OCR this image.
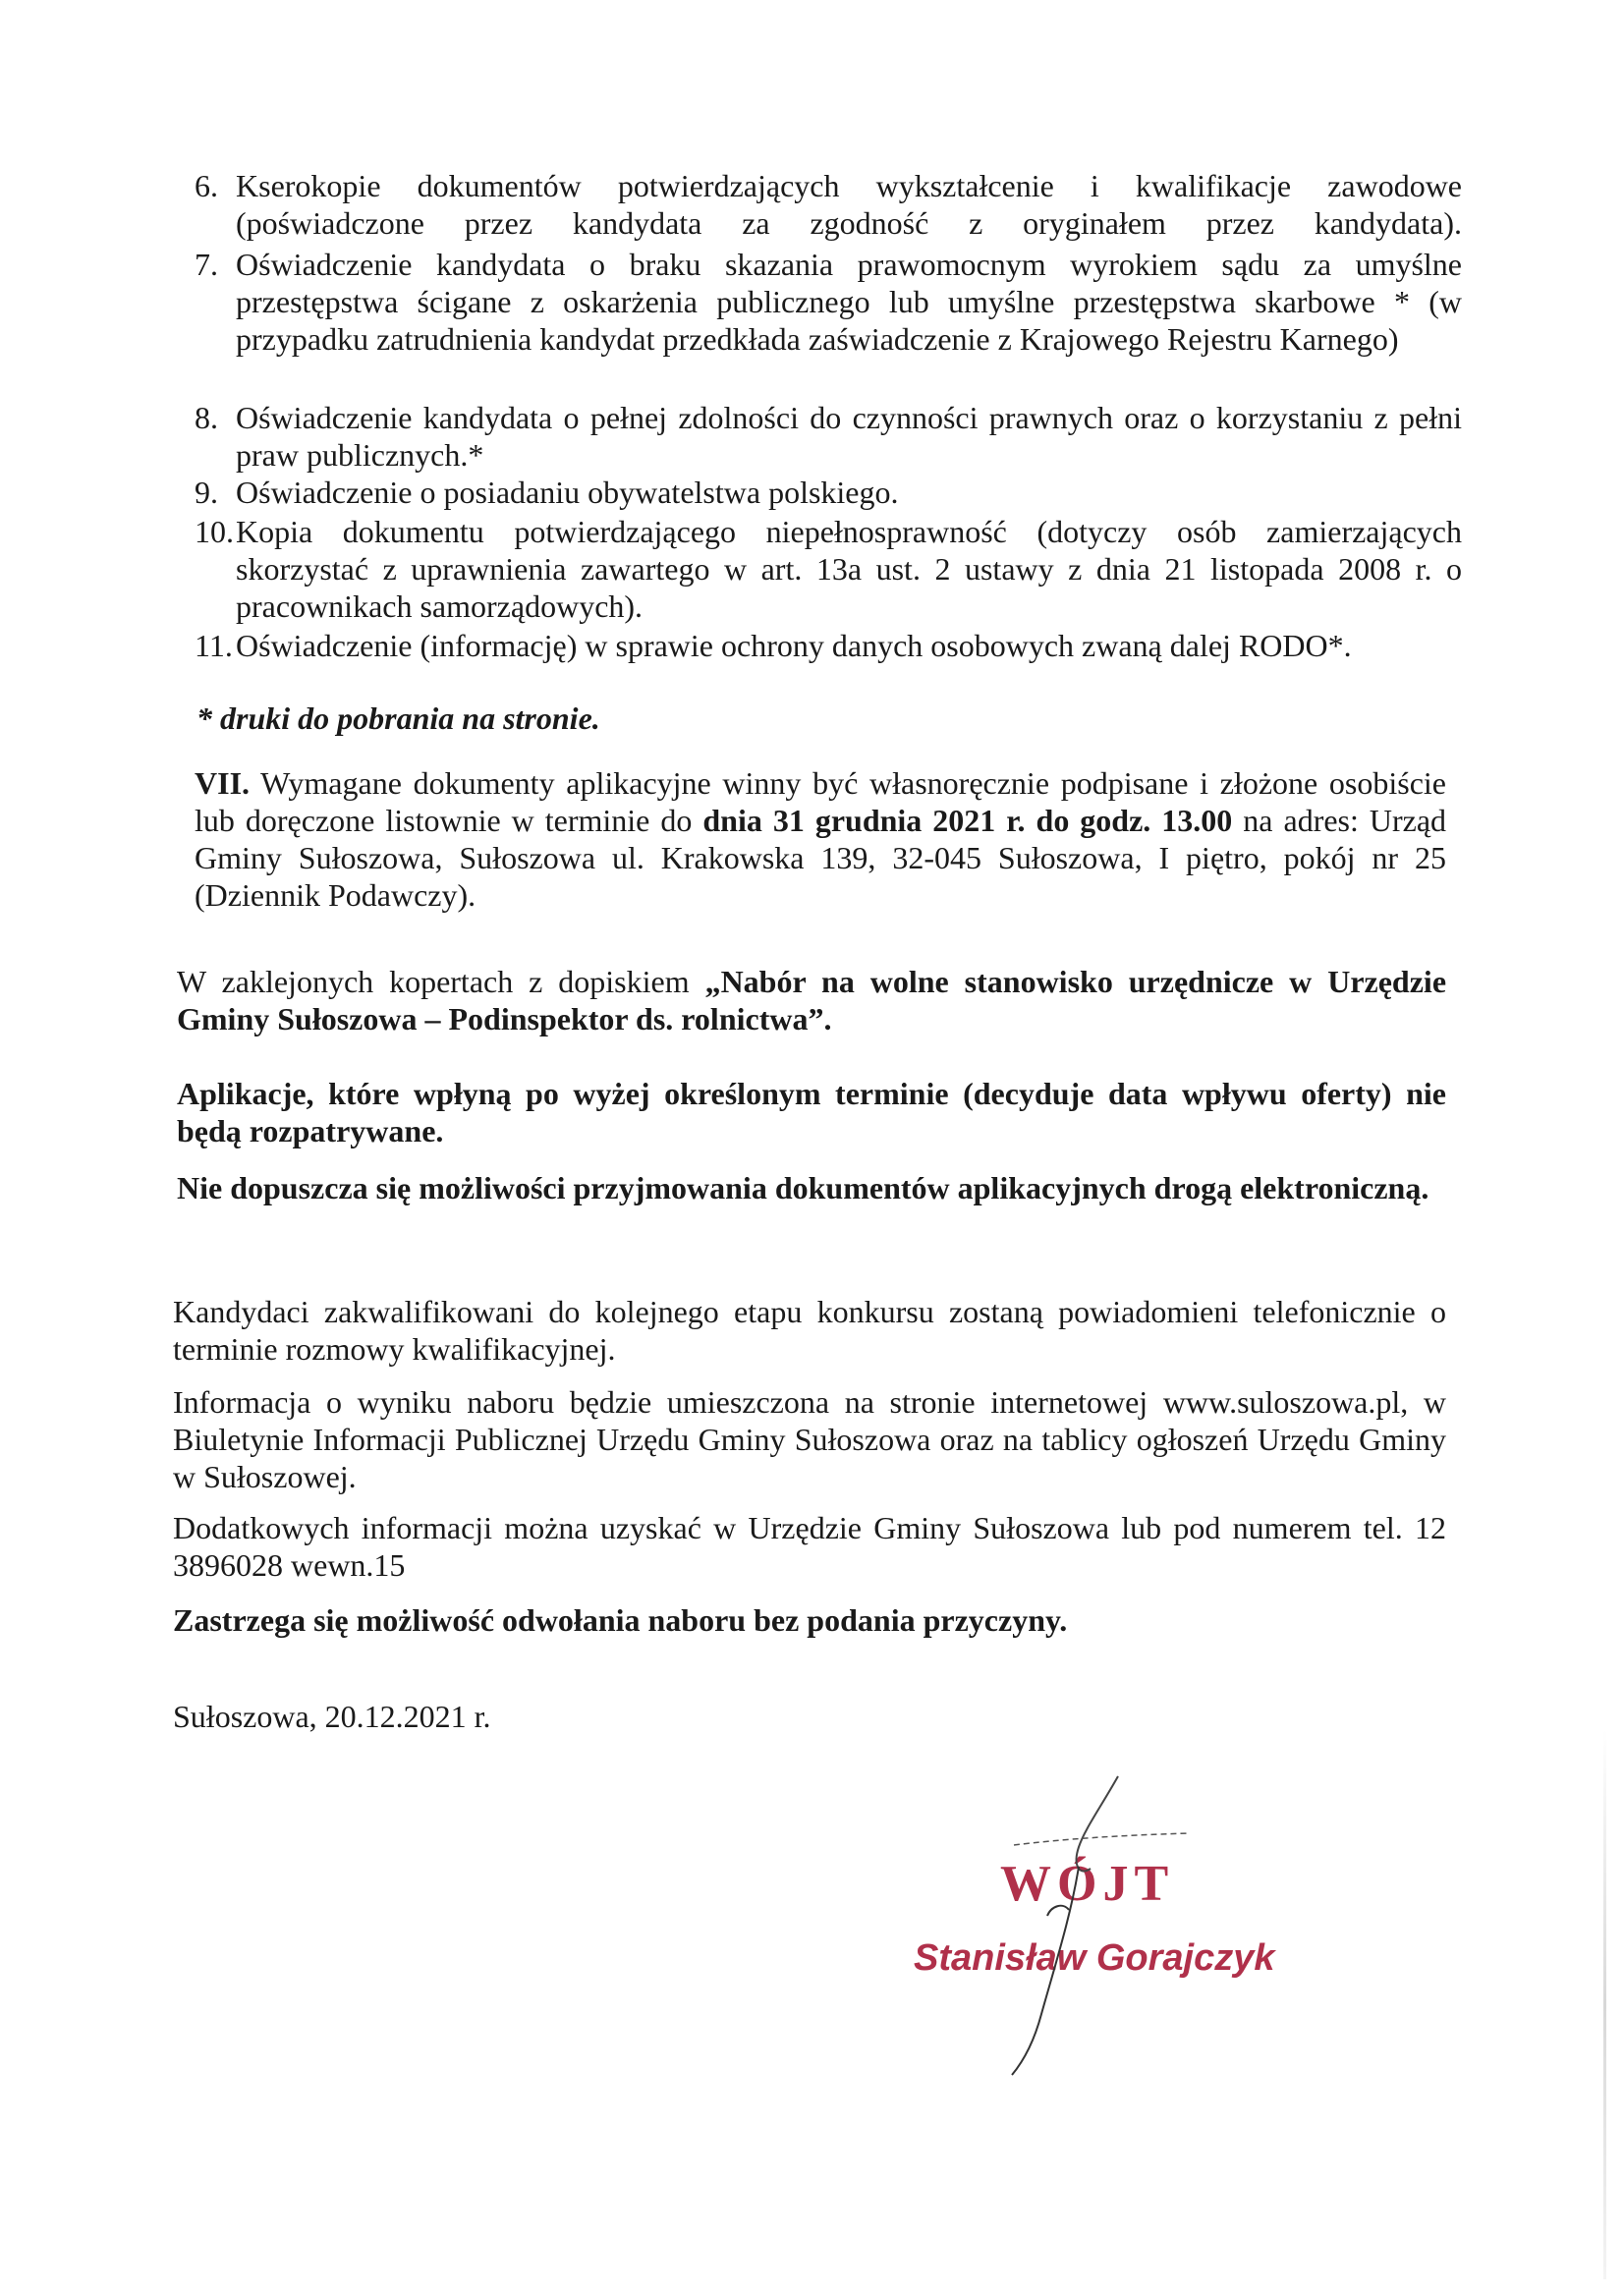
6. Kserokopie dokumentów potwierdzających wykształcenie i kwalifikacje zawodowe (poświadczone przez kandydata za zgodność z oryginałem przez kandydata).
7. Oświadczenie kandydata o braku skazania prawomocnym wyrokiem sądu za umyślne przestępstwa ścigane z oskarżenia publicznego lub umyślne przestępstwa skarbowe * (w przypadku zatrudnienia kandydat przedkłada zaświadczenie z Krajowego Rejestru Karnego)
8. Oświadczenie kandydata o pełnej zdolności do czynności prawnych oraz o korzystaniu z pełni praw publicznych.*
9. Oświadczenie o posiadaniu obywatelstwa polskiego.
10. Kopia dokumentu potwierdzającego niepełnosprawność (dotyczy osób zamierzających skorzystać z uprawnienia zawartego w art. 13a ust. 2 ustawy z dnia 21 listopada 2008 r. o pracownikach samorządowych).
11. Oświadczenie (informację) w sprawie ochrony danych osobowych zwaną dalej RODO*.
* druki do pobrania na stronie.
VII. Wymagane dokumenty aplikacyjne winny być własnoręcznie podpisane i złożone osobiście lub doręczone listownie w terminie do dnia 31 grudnia 2021 r. do godz. 13.00 na adres: Urząd Gminy Sułoszowa, Sułoszowa ul. Krakowska 139, 32-045 Sułoszowa, I piętro, pokój nr 25 (Dziennik Podawczy).
W zaklejonych kopertach z dopiskiem „Nabór na wolne stanowisko urzędnicze w Urzędzie Gminy Sułoszowa – Podinspektor ds. rolnictwa”.
Aplikacje, które wpłyną po wyżej określonym terminie (decyduje data wpływu oferty) nie będą rozpatrywane.
Nie dopuszcza się możliwości przyjmowania dokumentów aplikacyjnych drogą elektroniczną.
Kandydaci zakwalifikowani do kolejnego etapu konkursu zostaną powiadomieni telefonicznie o terminie rozmowy kwalifikacyjnej.
Informacja o wyniku naboru będzie umieszczona na stronie internetowej www.suloszowa.pl, w Biuletynie Informacji Publicznej Urzędu Gminy Sułoszowa oraz na tablicy ogłoszeń Urzędu Gminy w Sułoszowej.
Dodatkowych informacji można uzyskać w Urzędzie Gminy Sułoszowa lub pod numerem tel. 12 3896028 wewn.15
Zastrzega się możliwość odwołania naboru bez podania przyczyny.
Sułoszowa, 20.12.2021 r.
WÓJT
Stanisław Gorajczyk
